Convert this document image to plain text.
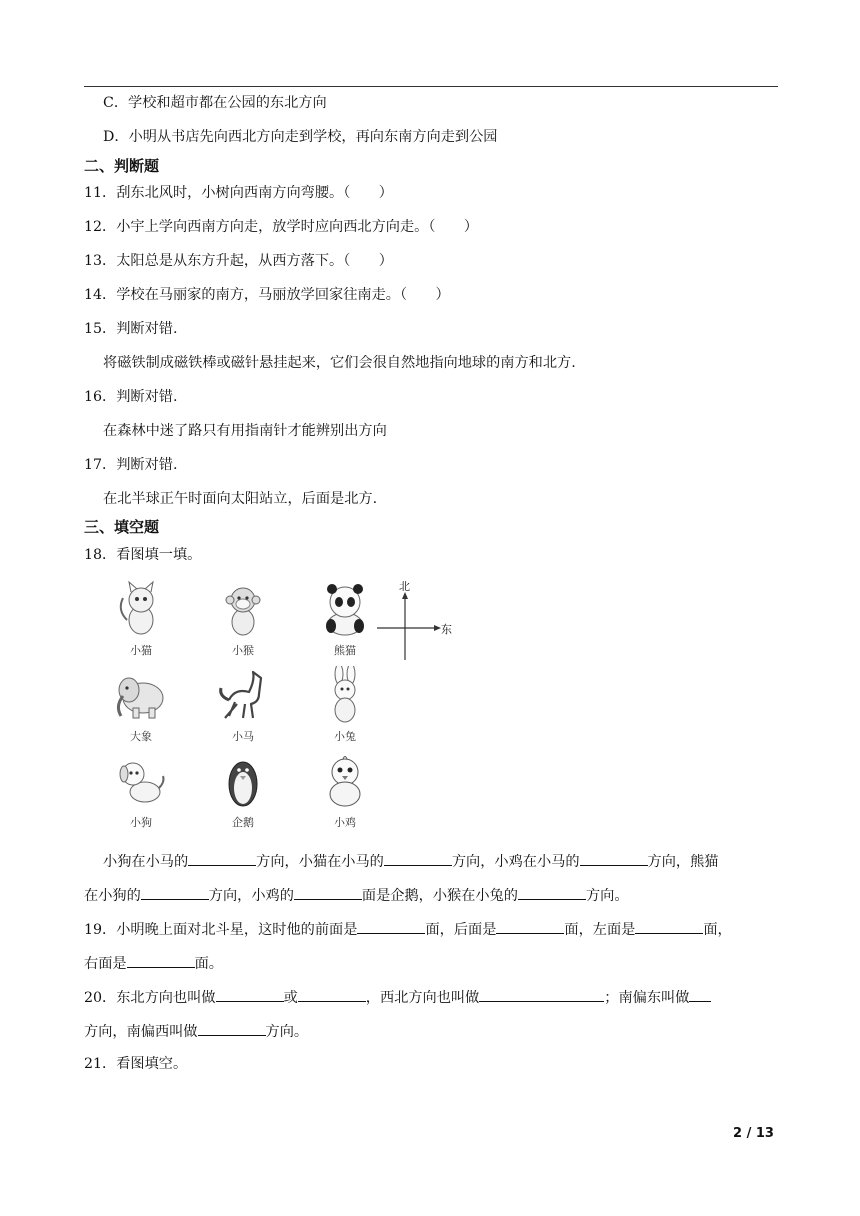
C．学校和超市都在公园的东北方向
D．小明从书店先向西北方向走到学校，再向东南方向走到公园
二、判断题
11．刮东北风时，小树向西南方向弯腰。（　　）
12．小宇上学向西南方向走，放学时应向西北方向走。（　　）
13．太阳总是从东方升起，从西方落下。（　　）
14．学校在马丽家的南方，马丽放学回家往南走。（　　）
15．判断对错.
将磁铁制成磁铁棒或磁针悬挂起来，它们会很自然地指向地球的南方和北方.
16．判断对错.
在森林中迷了路只有用指南针才能辨别出方向
17．判断对错.
在北半球正午时面向太阳站立，后面是北方.
三、填空题
18．看图填一填。
小猫	小猴	熊猫
大象	小马	小兔
小狗	企鹅	小鸡
北
东
小狗在小马的	方向，小猫在小马的	方向，小鸡在小马的	方向，熊猫
在小狗的	方向，小鸡的	面是企鹅，小猴在小兔的	方向。
19．小明晚上面对北斗星，这时他的前面是	面，后面是	面，左面是	面，
右面是	面。
20．东北方向也叫做	或	，西北方向也叫做	；南偏东叫做
方向，南偏西叫做	方向。
21．看图填空。
2 / 13
